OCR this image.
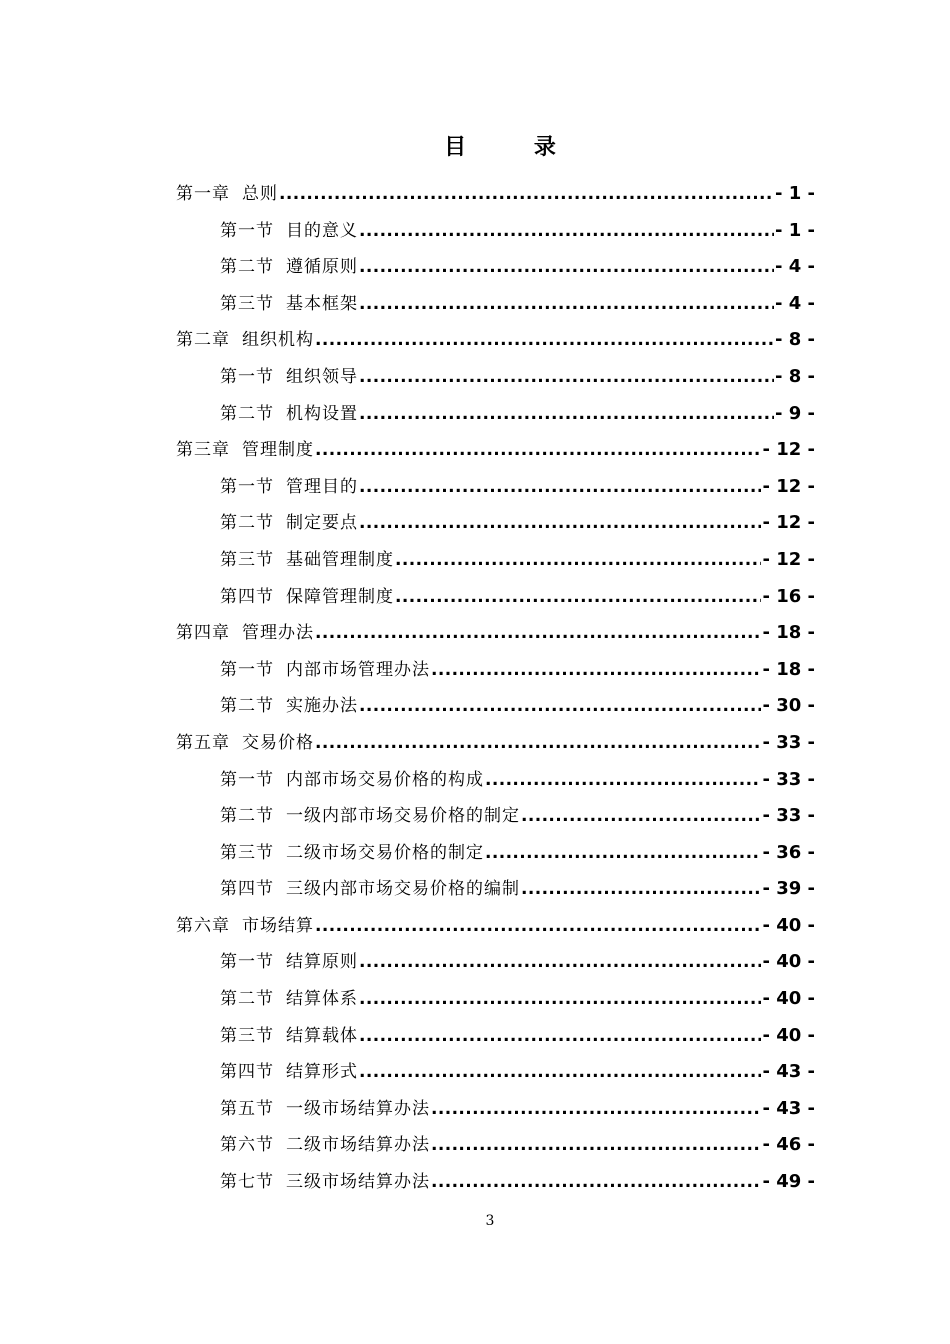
目 录
第一章 总则 .....	- 1 -
第一节 目的意义 .....	- 1 -
第二节 遵循原则 .....	- 4 -
第三节 基本框架 .....	- 4 -
第二章 组织机构 .....	- 8 -
第一节 组织领导 .....	- 8 -
第二节 机构设置 .....	- 9 -
第三章 管理制度 .....	- 12 -
第一节 管理目的 .....	- 12 -
第二节 制定要点 .....	- 12 -
第三节 基础管理制度 .....	- 12 -
第四节 保障管理制度 .....	- 16 -
第四章 管理办法 .....	- 18 -
第一节 内部市场管理办法 .....	- 18 -
第二节 实施办法 .....	- 30 -
第五章 交易价格 .....	- 33 -
第一节 内部市场交易价格的构成 .....	- 33 -
第二节 一级内部市场交易价格的制定 .....	- 33 -
第三节 二级市场交易价格的制定 .....	- 36 -
第四节 三级内部市场交易价格的编制 .....	- 39 -
第六章 市场结算 .....	- 40 -
第一节 结算原则 .....	- 40 -
第二节 结算体系 .....	- 40 -
第三节 结算载体 .....	- 40 -
第四节 结算形式 .....	- 43 -
第五节 一级市场结算办法 .....	- 43 -
第六节 二级市场结算办法 .....	- 46 -
第七节 三级市场结算办法 .....	- 49 -
3
